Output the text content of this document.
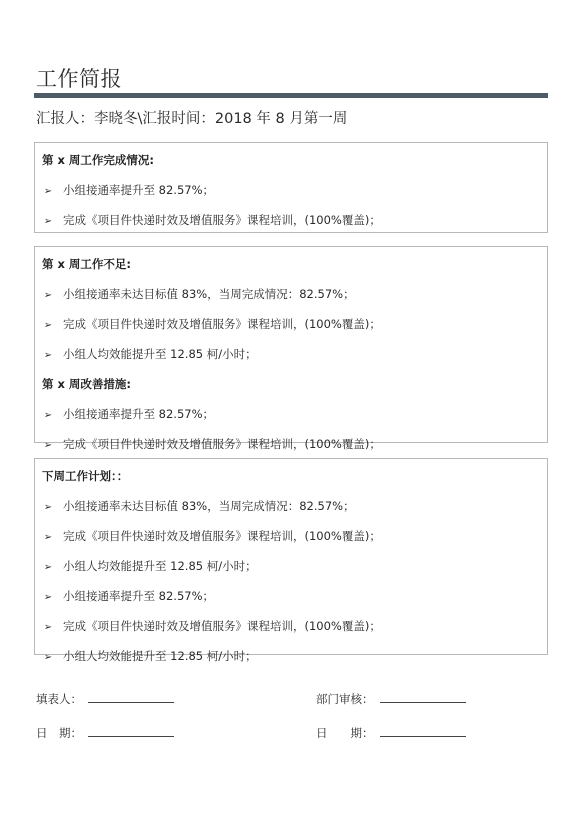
工作简报
汇报人：李晓冬\汇报时间：2018 年 8 月第一周
第 x 周工作完成情况:
➢ 小组接通率提升至 82.57%；
➢ 完成《项目件快递时效及增值服务》课程培训，(100%覆盖)；
第 x 周工作不足:
➢ 小组接通率未达目标值 83%，当周完成情况：82.57%；
➢ 完成《项目件快递时效及增值服务》课程培训，(100%覆盖)；
➢ 小组人均效能提升至 12.85 柯/小时；
第 x 周改善措施:
➢ 小组接通率提升至 82.57%；
➢ 完成《项目件快递时效及增值服务》课程培训，(100%覆盖)；
下周工作计划：：
➢ 小组接通率未达目标值 83%，当周完成情况：82.57%；
➢ 完成《项目件快递时效及增值服务》课程培训，(100%覆盖)；
➢ 小组人均效能提升至 12.85 柯/小时；
➢ 小组接通率提升至 82.57%；
➢ 完成《项目件快递时效及增值服务》课程培训，(100%覆盖)；
➢ 小组人均效能提升至 12.85 柯/小时；
填表人：	部门审核：
日　期：	日　　期：
